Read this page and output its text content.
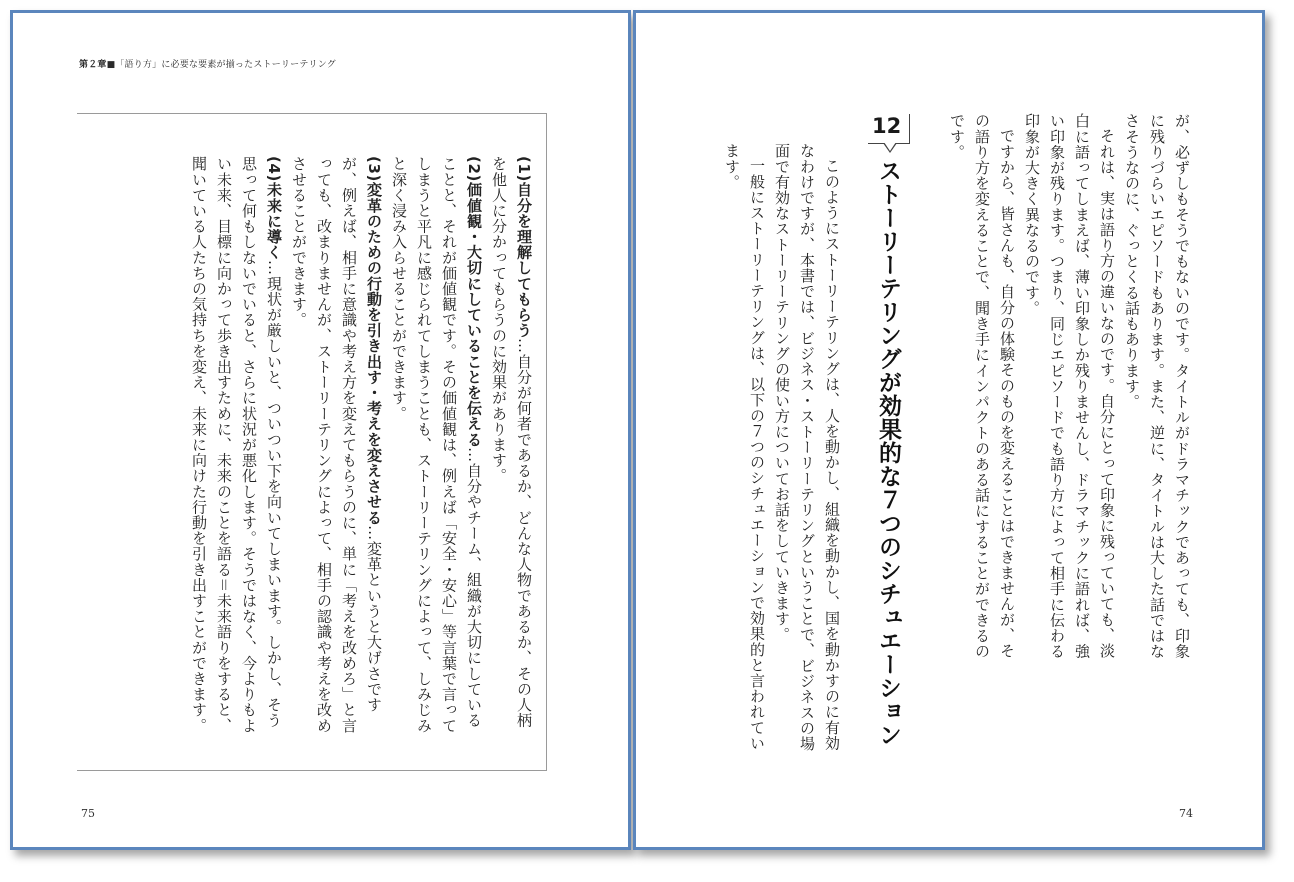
第２章■「語り方」に必要な要素が揃ったストーリーテリング

(1)自分を理解してもらう…自分が何者であるか、どんな人物であるか、その人柄を他人に分かってもらうのに効果があります。

(2)価値観・大切にしていることを伝える…自分やチーム、組織が大切にしていることと、それが価値観です。その価値観は、例えば「安全・安心」等言葉で言ってしまうと平凡に感じられてしまうことも、ストーリーテリングによって、しみじみと深く浸み入らせることができます。

(3)変革のための行動を引き出す・考えを変えさせる…変革というと大げさですが、例えば、相手に意識や考え方を変えてもらうのに、単に「考えを改めろ」と言っても、改まりませんが、ストーリーテリングによって、相手の認識や考えを改めさせることができます。

(4)未来に導く…現状が厳しいと、ついつい下を向いてしまいます。しかし、そう思って何もしないでいると、さらに状況が悪化します。そうではなく、今よりもよい未来、目標に向かって歩き出すために、未来のことを語る＝未来語りをすると、聞いている人たちの気持ちを変え、未来に向けた行動を引き出すことができます。

75

が、必ずしもそうでもないのです。タイトルがドラマチックであっても、印象に残りづらいエピソードもあります。また、逆に、タイトルは大した話ではなさそうなのに、ぐっとくる話もあります。

それは、実は語り方の違いなのです。自分にとって印象に残っていても、淡白に語ってしまえば、薄い印象しか残りませんし、ドラマチックに語れば、強い印象が残ります。つまり、同じエピソードでも語り方によって相手に伝わる印象が大きく異なるのです。

ですから、皆さんも、自分の体験そのものを変えることはできませんが、その語り方を変えることで、聞き手にインパクトのある話にすることができるのです。

12
ストーリーテリングが効果的な７つのシチュエーション

このようにストーリーテリングは、人を動かし、組織を動かし、国を動かすのに有効なわけですが、本書では、ビジネス・ストーリーテリングということで、ビジネスの場面で有効なストーリーテリングの使い方についてお話をしていきます。

一般にストーリーテリングは、以下の７つのシチュエーションで効果的と言われています。

74
